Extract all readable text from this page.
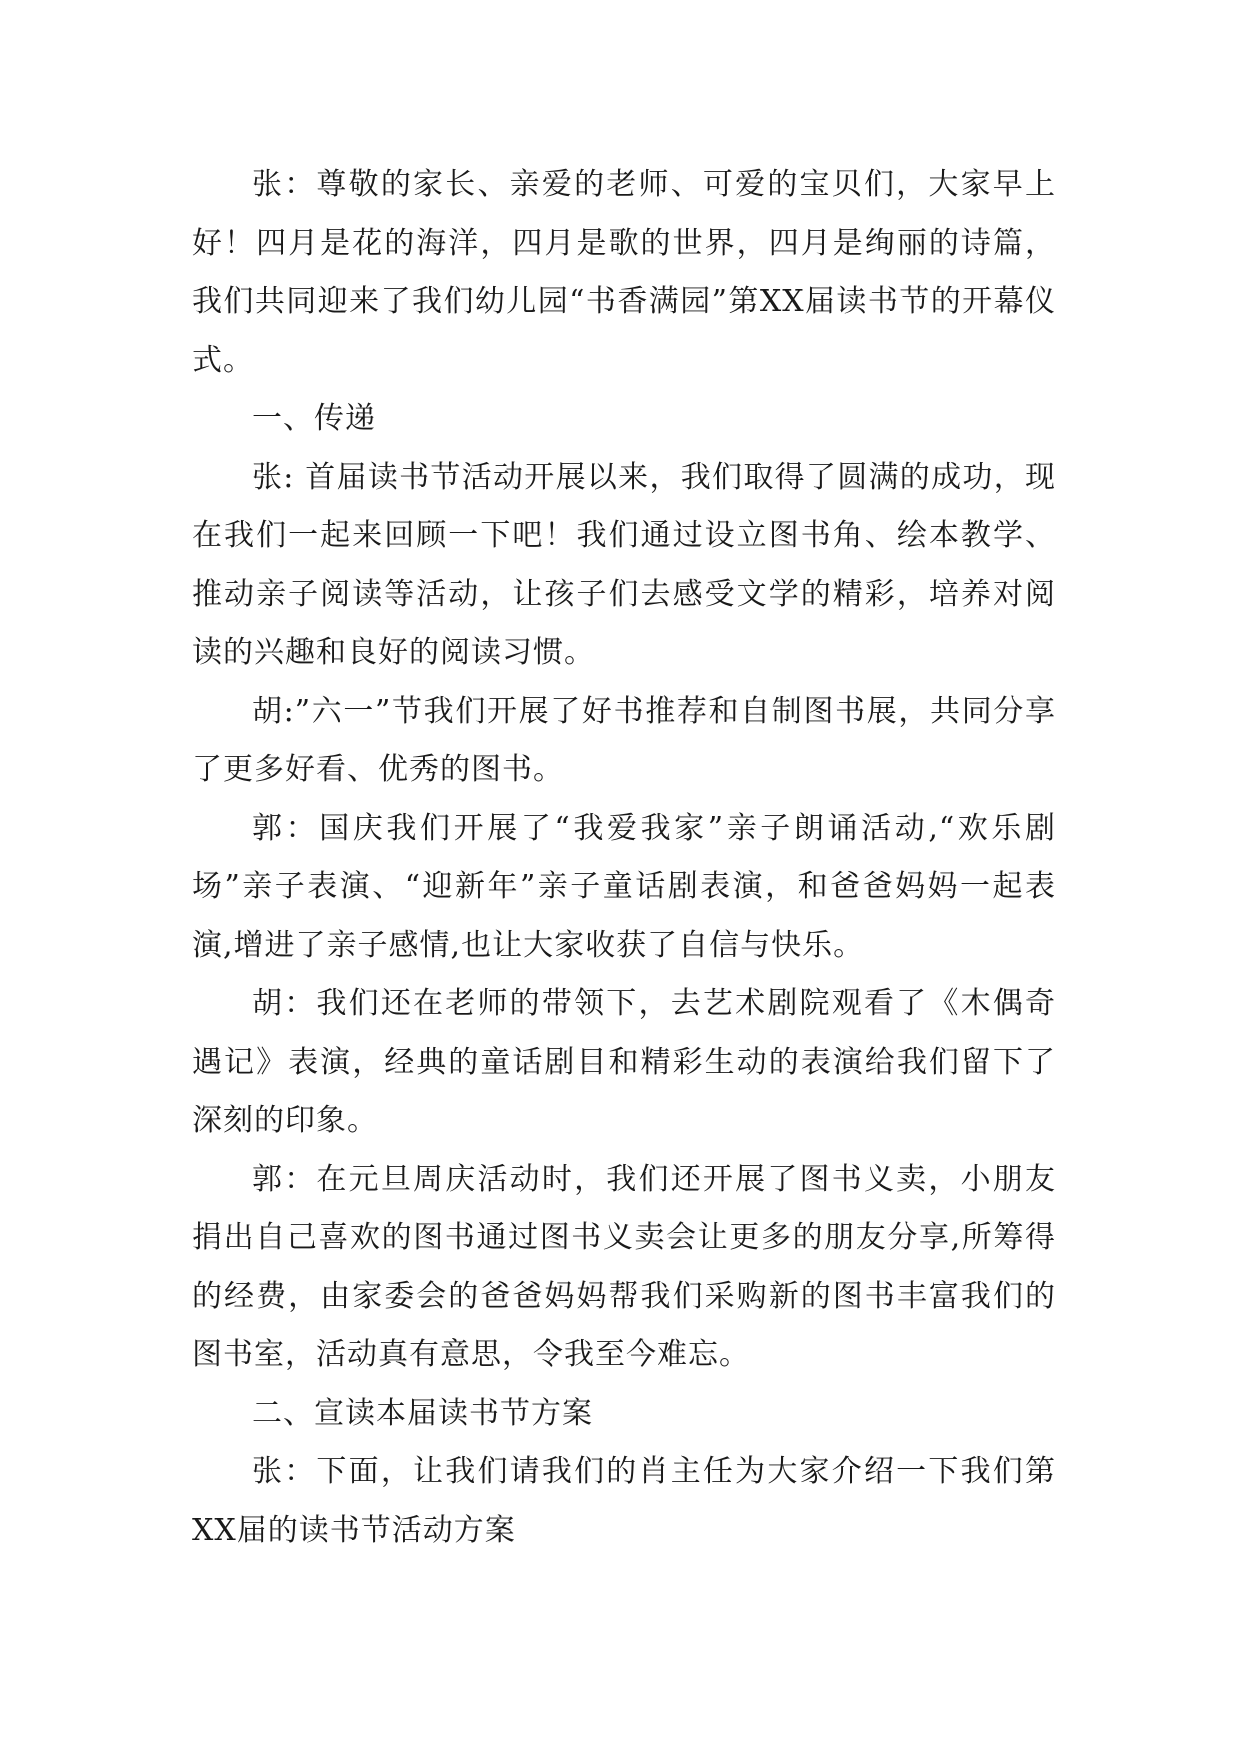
张：尊敬的家长、亲爱的老师、可爱的宝贝们，大家早上好！四月是花的海洋，四月是歌的世界，四月是绚丽的诗篇，我们共同迎来了我们幼儿园“书香满园”第XX届读书节的开幕仪式。

一、传递

张: 首届读书节活动开展以来，我们取得了圆满的成功，现在我们一起来回顾一下吧！我们通过设立图书角、绘本教学、推动亲子阅读等活动，让孩子们去感受文学的精彩，培养对阅读的兴趣和良好的阅读习惯。

胡:”六一”节我们开展了好书推荐和自制图书展，共同分享了更多好看、优秀的图书。

郭：国庆我们开展了“我爱我家”亲子朗诵活动,“欢乐剧场”亲子表演、“迎新年”亲子童话剧表演，和爸爸妈妈一起表演,增进了亲子感情,也让大家收获了自信与快乐。

胡：我们还在老师的带领下，去艺术剧院观看了《木偶奇遇记》表演，经典的童话剧目和精彩生动的表演给我们留下了深刻的印象。

郭：在元旦周庆活动时，我们还开展了图书义卖，小朋友捐出自己喜欢的图书通过图书义卖会让更多的朋友分享,所筹得的经费，由家委会的爸爸妈妈帮我们采购新的图书丰富我们的图书室，活动真有意思，令我至今难忘。

二、宣读本届读书节方案

张：下面，让我们请我们的肖主任为大家介绍一下我们第XX届的读书节活动方案
